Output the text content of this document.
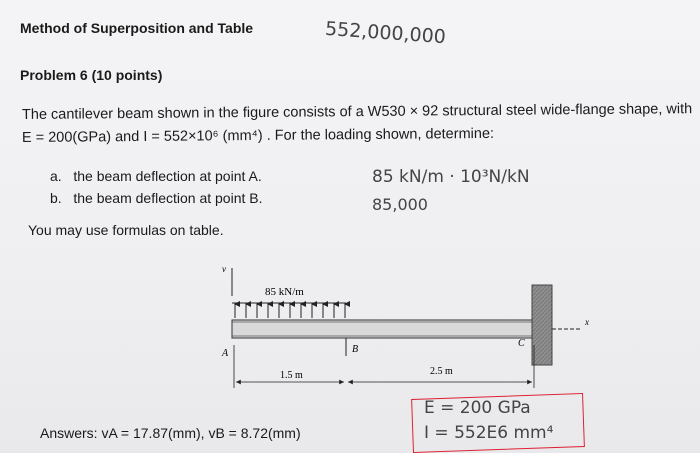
Method of Superposition and Table	552,000,000
Problem 6 (10 points)
The cantilever beam shown in the figure consists of a W530 × 92 structural steel wide-flange shape, with
E = 200(GPa) and I = 552×10⁶ (mm⁴) . For the loading shown, determine:
a. the beam deflection at point A.
b. the beam deflection at point B.
85 kN/m · 10³N/kN
85,000
You may use formulas on table.
v
85 kN/m
x
A	B
C
1.5 m	2.5 m
Answers: vA = 17.87(mm), vB = 8.72(mm)
E = 200 GPa
I = 552E6 mm⁴
